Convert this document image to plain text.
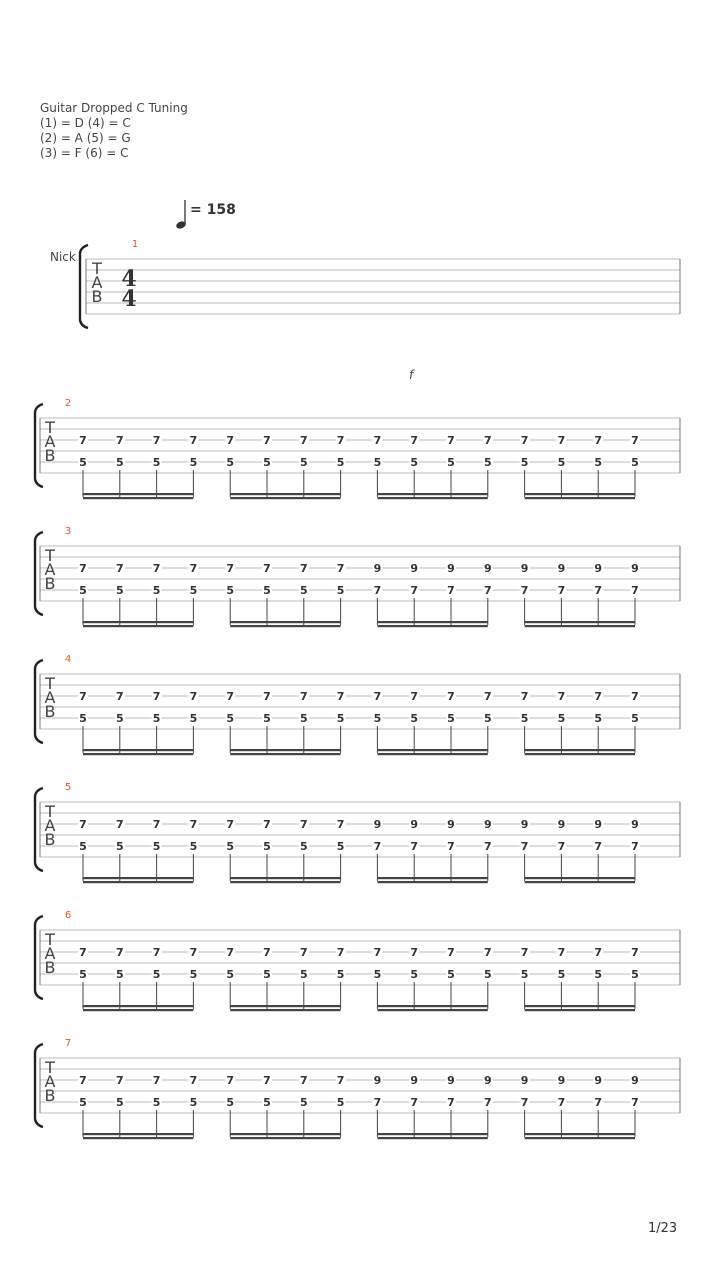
Guitar Dropped C Tuning
(1) = D (4) = C
(2) = A (5) = G
(3) = F (6) = C
= 158
Nick
f
T
A
B
1
4
4
T
A
B
2
7	7	7	7	7	7	7	7	7	7	7	7	7	7	7	7
5	5	5	5	5	5	5	5	5	5	5	5	5	5	5	5
T
A
B
3
7	7	7	7	7	7	7	7	9	9	9	9	9	9	9	9
5	5	5	5	5	5	5	5	7	7	7	7	7	7	7	7
T
A
B
4
7	7	7	7	7	7	7	7	7	7	7	7	7	7	7	7
5	5	5	5	5	5	5	5	5	5	5	5	5	5	5	5
T
A
B
5
7	7	7	7	7	7	7	7	9	9	9	9	9	9	9	9
5	5	5	5	5	5	5	5	7	7	7	7	7	7	7	7
T
A
B
6
7	7	7	7	7	7	7	7	7	7	7	7	7	7	7	7
5	5	5	5	5	5	5	5	5	5	5	5	5	5	5	5
T
A
B
7
7	7	7	7	7	7	7	7	9	9	9	9	9	9	9	9
5	5	5	5	5	5	5	5	7	7	7	7	7	7	7	7
1/23
